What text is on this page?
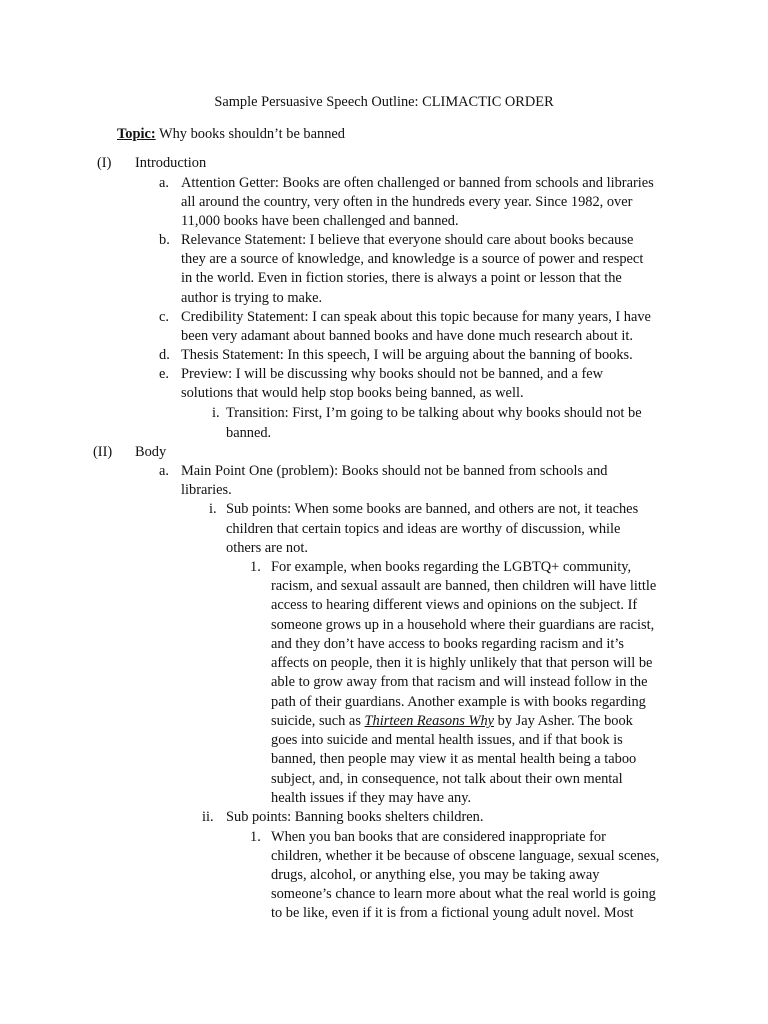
Sample Persuasive Speech Outline: CLIMACTIC ORDER
Topic: Why books shouldn’t be banned
(I) Introduction
a. Attention Getter: Books are often challenged or banned from schools and libraries
all around the country, very often in the hundreds every year. Since 1982, over
11,000 books have been challenged and banned.
b. Relevance Statement: I believe that everyone should care about books because
they are a source of knowledge, and knowledge is a source of power and respect
in the world. Even in fiction stories, there is always a point or lesson that the
author is trying to make.
c. Credibility Statement: I can speak about this topic because for many years, I have
been very adamant about banned books and have done much research about it.
d. Thesis Statement: In this speech, I will be arguing about the banning of books.
e. Preview: I will be discussing why books should not be banned, and a few
solutions that would help stop books being banned, as well.
i. Transition: First, I’m going to be talking about why books should not be
banned.
(II) Body
a. Main Point One (problem): Books should not be banned from schools and
libraries.
i. Sub points: When some books are banned, and others are not, it teaches
children that certain topics and ideas are worthy of discussion, while
others are not.
1. For example, when books regarding the LGBTQ+ community,
racism, and sexual assault are banned, then children will have little
access to hearing different views and opinions on the subject. If
someone grows up in a household where their guardians are racist,
and they don’t have access to books regarding racism and it’s
affects on people, then it is highly unlikely that that person will be
able to grow away from that racism and will instead follow in the
path of their guardians. Another example is with books regarding
suicide, such as Thirteen Reasons Why by Jay Asher. The book
goes into suicide and mental health issues, and if that book is
banned, then people may view it as mental health being a taboo
subject, and, in consequence, not talk about their own mental
health issues if they may have any.
ii. Sub points: Banning books shelters children.
1. When you ban books that are considered inappropriate for
children, whether it be because of obscene language, sexual scenes,
drugs, alcohol, or anything else, you may be taking away
someone’s chance to learn more about what the real world is going
to be like, even if it is from a fictional young adult novel. Most
